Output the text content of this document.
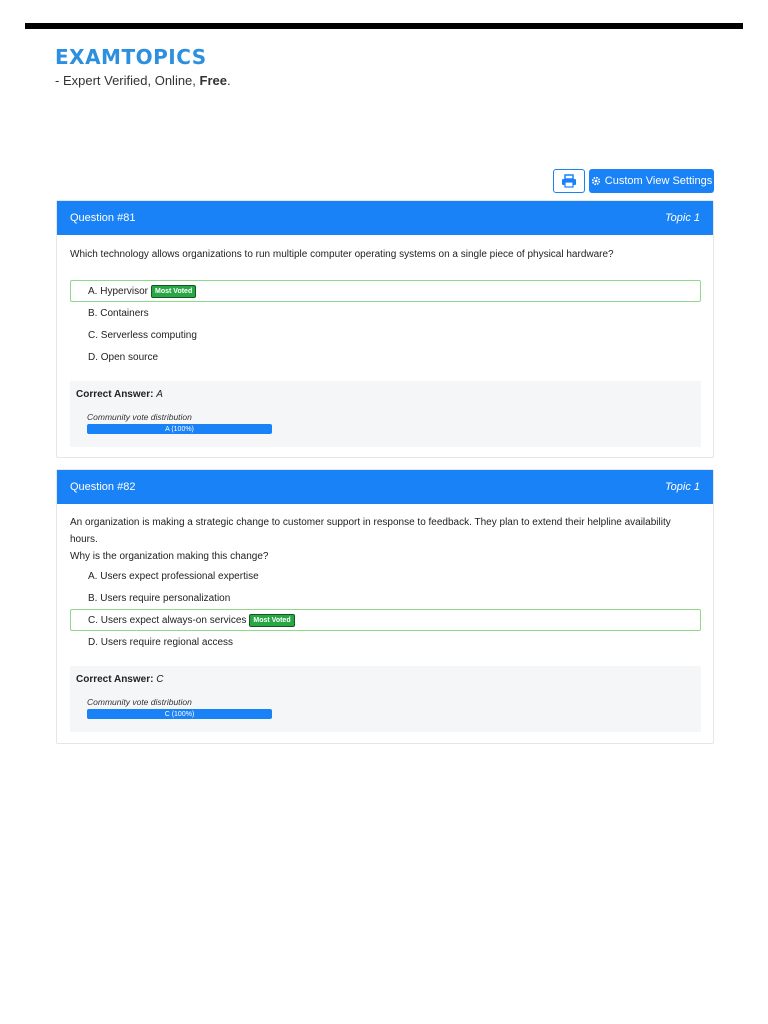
EXAMTOPICS
- Expert Verified, Online, Free.
Custom View Settings
Question #81	Topic 1
Which technology allows organizations to run multiple computer operating systems on a single piece of physical hardware?
A. Hypervisor	Most Voted
B. Containers
C. Serverless computing
D. Open source
Correct Answer: A
Community vote distribution
A (100%)
Question #82	Topic 1
An organization is making a strategic change to customer support in response to feedback. They plan to extend their helpline availability hours.
Why is the organization making this change?
A. Users expect professional expertise
B. Users require personalization
C. Users expect always-on services	Most Voted
D. Users require regional access
Correct Answer: C
Community vote distribution
C (100%)
